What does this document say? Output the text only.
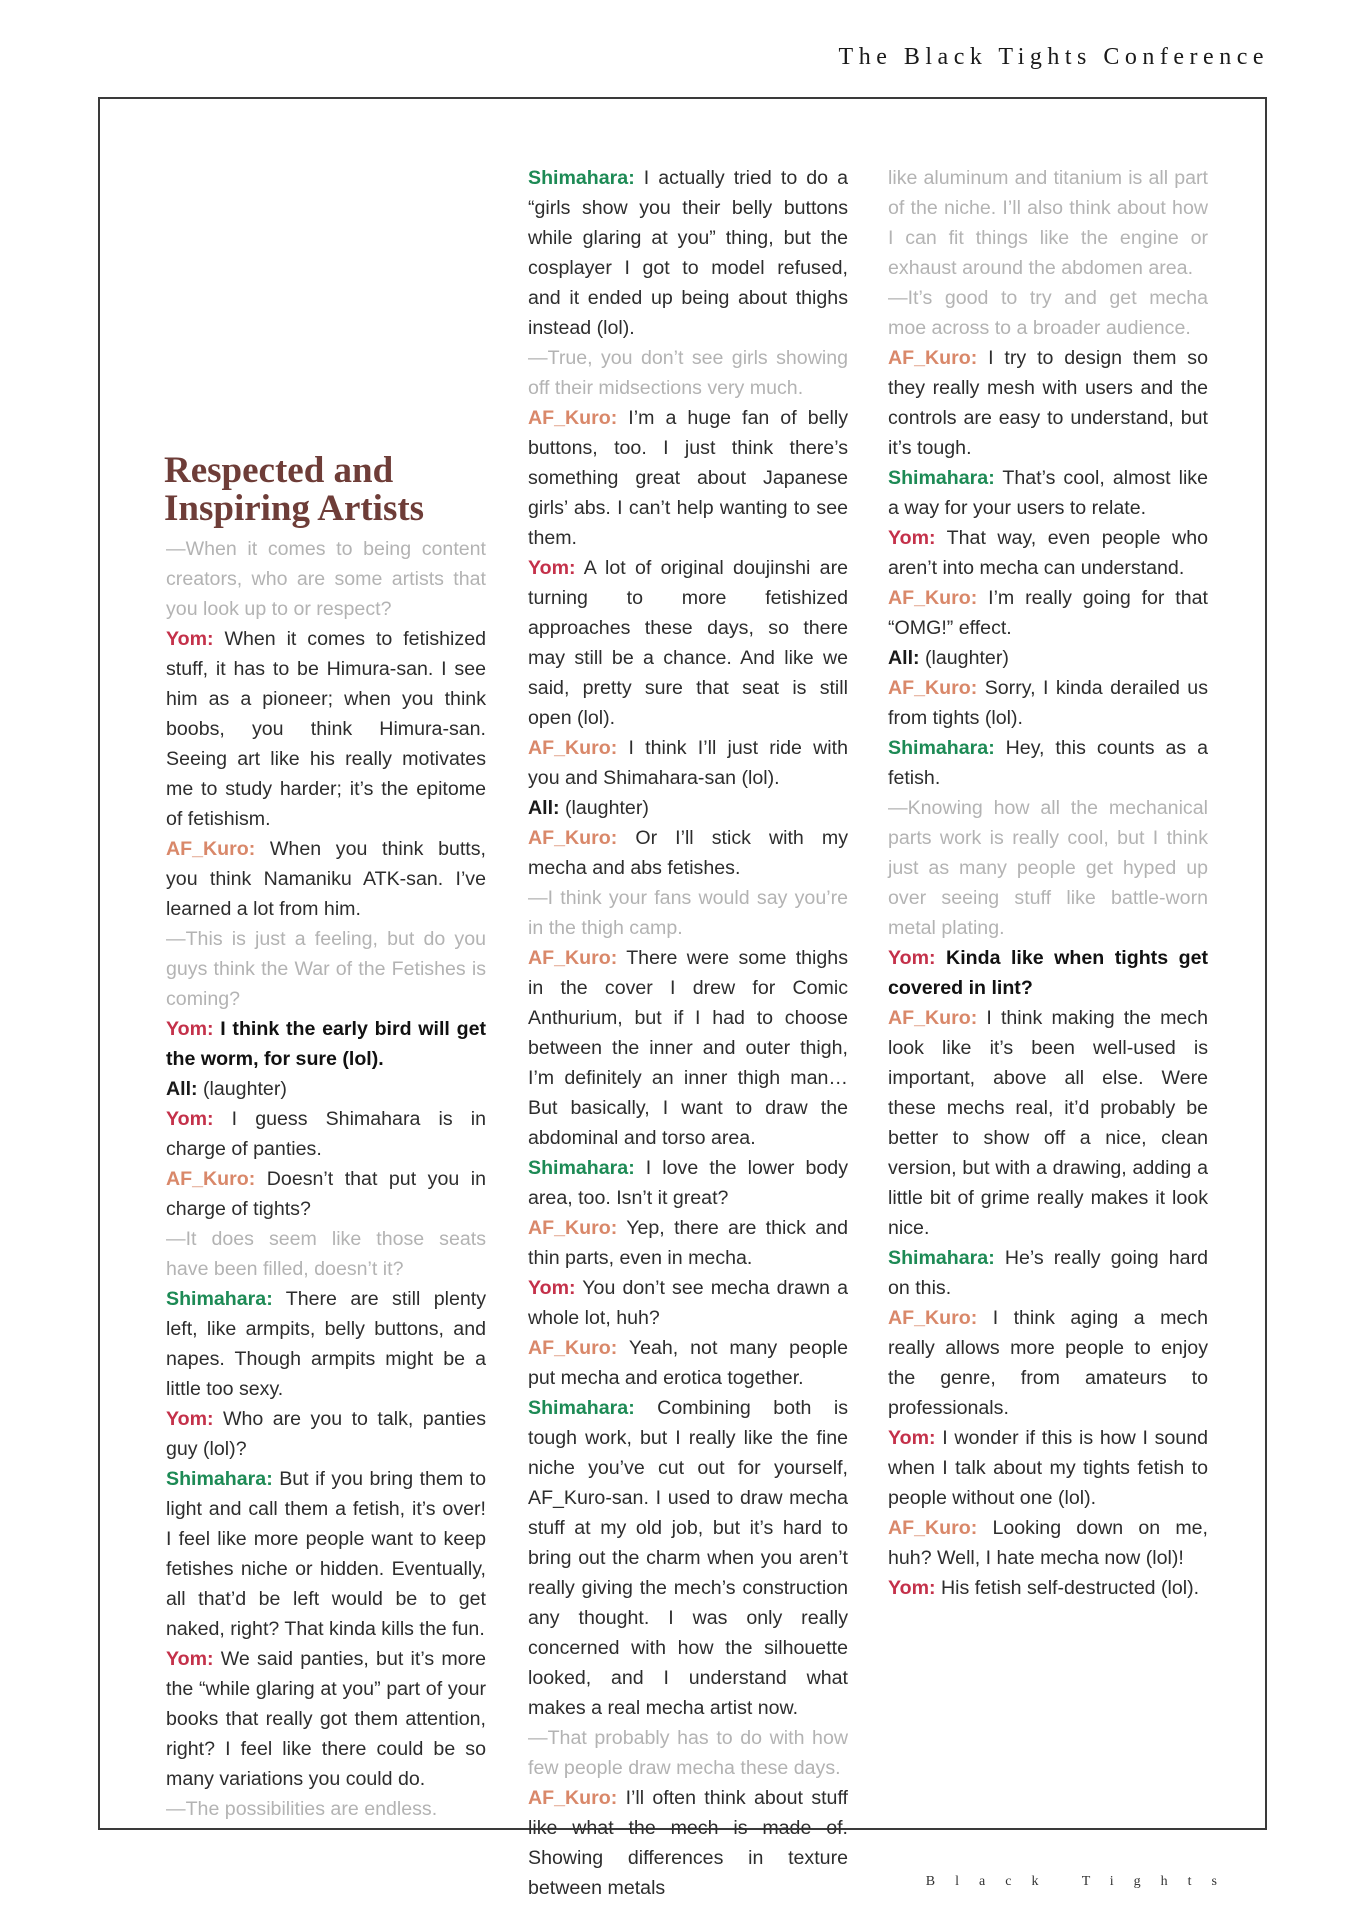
The Black Tights Conference
Respected and Inspiring Artists

—When it comes to being content creators, who are some artists that you look up to or respect?

Yom: When it comes to fetishized stuff, it has to be Himura-san. I see him as a pioneer; when you think boobs, you think Himura-san. Seeing art like his really motivates me to study harder; it’s the epitome of fetishism.

AF_Kuro: When you think butts, you think Namaniku ATK-san. I’ve learned a lot from him.

—This is just a feeling, but do you guys think the War of the Fetishes is coming?

Yom: I think the early bird will get the worm, for sure (lol).

All: (laughter)

Yom: I guess Shimahara is in charge of panties.

AF_Kuro: Doesn’t that put you in charge of tights?

—It does seem like those seats have been filled, doesn’t it?

Shimahara: There are still plenty left, like armpits, belly buttons, and napes. Though armpits might be a little too sexy.

Yom: Who are you to talk, panties guy (lol)?

Shimahara: But if you bring them to light and call them a fetish, it’s over! I feel like more people want to keep fetishes niche or hidden. Eventually, all that’d be left would be to get naked, right? That kinda kills the fun.

Yom: We said panties, but it’s more the “while glaring at you” part of your books that really got them attention, right? I feel like there could be so many variations you could do.

—The possibilities are endless.

Shimahara: I actually tried to do a “girls show you their belly buttons while glaring at you” thing, but the cosplayer I got to model refused, and it ended up being about thighs instead (lol).

—True, you don’t see girls showing off their midsections very much.

AF_Kuro: I’m a huge fan of belly buttons, too. I just think there’s something great about Japanese girls’ abs. I can’t help wanting to see them.

Yom: A lot of original doujinshi are turning to more fetishized approaches these days, so there may still be a chance. And like we said, pretty sure that seat is still open (lol).

AF_Kuro: I think I’ll just ride with you and Shimahara-san (lol).

All: (laughter)

AF_Kuro: Or I’ll stick with my mecha and abs fetishes.

—I think your fans would say you’re in the thigh camp.

AF_Kuro: There were some thighs in the cover I drew for Comic Anthurium, but if I had to choose between the inner and outer thigh, I’m definitely an inner thigh man… But basically, I want to draw the abdominal and torso area.

Shimahara: I love the lower body area, too. Isn’t it great?

AF_Kuro: Yep, there are thick and thin parts, even in mecha.

Yom: You don’t see mecha drawn a whole lot, huh?

AF_Kuro: Yeah, not many people put mecha and erotica together.

Shimahara: Combining both is tough work, but I really like the fine niche you’ve cut out for yourself, AF_Kuro-san. I used to draw mecha stuff at my old job, but it’s hard to bring out the charm when you aren’t really giving the mech’s construction any thought. I was only really concerned with how the silhouette looked, and I understand what makes a real mecha artist now.

—That probably has to do with how few people draw mecha these days.

AF_Kuro: I’ll often think about stuff like what the mech is made of. Showing differences in texture between metals

like aluminum and titanium is all part of the niche. I’ll also think about how I can fit things like the engine or exhaust around the abdomen area.

—It’s good to try and get mecha moe across to a broader audience.

AF_Kuro: I try to design them so they really mesh with users and the controls are easy to understand, but it’s tough.

Shimahara: That’s cool, almost like a way for your users to relate.

Yom: That way, even people who aren’t into mecha can understand.

AF_Kuro: I’m really going for that “OMG!” effect.

All: (laughter)

AF_Kuro: Sorry, I kinda derailed us from tights (lol).

Shimahara: Hey, this counts as a fetish.

—Knowing how all the mechanical parts work is really cool, but I think just as many people get hyped up over seeing stuff like battle-worn metal plating.

Yom: Kinda like when tights get covered in lint?

AF_Kuro: I think making the mech look like it’s been well-used is important, above all else. Were these mechs real, it’d probably be better to show off a nice, clean version, but with a drawing, adding a little bit of grime really makes it look nice.

Shimahara: He’s really going hard on this.

AF_Kuro: I think aging a mech really allows more people to enjoy the genre, from amateurs to professionals.

Yom: I wonder if this is how I sound when I talk about my tights fetish to people without one (lol).

AF_Kuro: Looking down on me, huh? Well, I hate mecha now (lol)!

Yom: His fetish self-destructed (lol).

Black Tights
